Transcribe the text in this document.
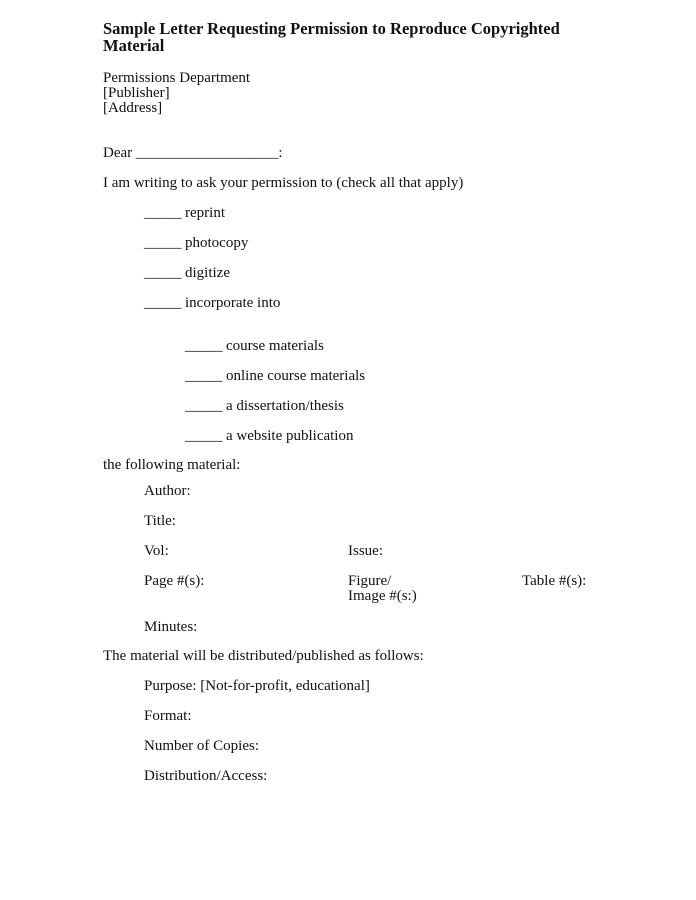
Sample Letter Requesting Permission to Reproduce Copyrighted Material
Permissions Department
[Publisher]
[Address]
Dear ___________________:
I am writing to ask your permission to (check all that apply)
_____ reprint
_____ photocopy
_____ digitize
_____ incorporate into
_____ course materials
_____ online course materials
_____ a dissertation/thesis
_____ a website publication
the following material:
Author:
Title:
Vol:	Issue:
Page #(s):	Figure/
Image #(s:)
Table #(s):
Minutes:
The material will be distributed/published as follows:
Purpose: [Not-for-profit, educational]
Format:
Number of Copies:
Distribution/Access:
